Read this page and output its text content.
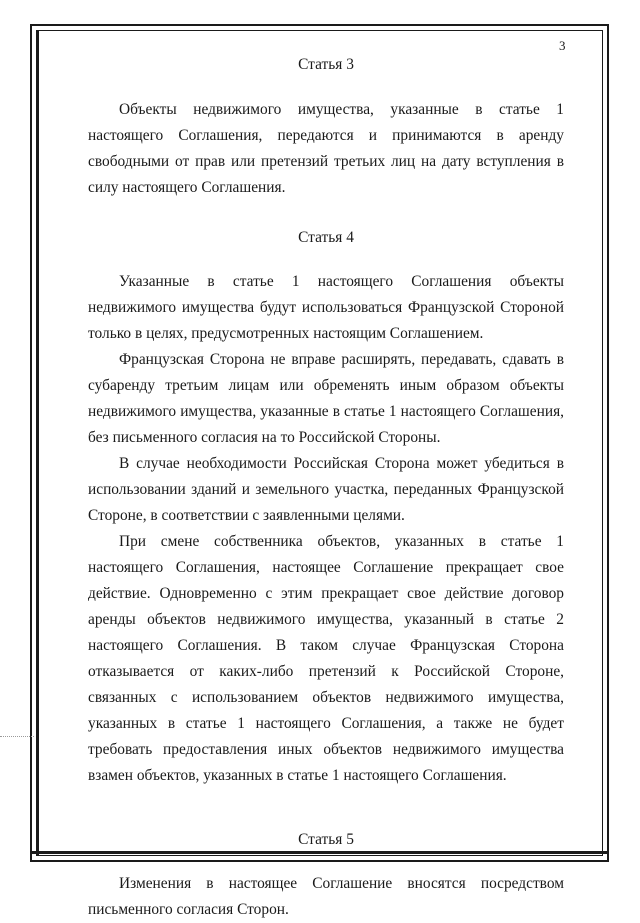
3

Статья 3

Объекты недвижимого имущества, указанные в статье 1 настоящего Соглашения, передаются и принимаются в аренду свободными от прав или претензий третьих лиц на дату вступления в силу настоящего Соглашения.

Статья 4

Указанные в статье 1 настоящего Соглашения объекты недвижимого имущества будут использоваться Французской Стороной только в целях, предусмотренных настоящим Соглашением.

Французская Сторона не вправе расширять, передавать, сдавать в субаренду третьим лицам или обременять иным образом объекты недвижимого имущества, указанные в статье 1 настоящего Соглашения, без письменного согласия на то Российской Стороны.

В случае необходимости Российская Сторона может убедиться в использовании зданий и земельного участка, переданных Французской Стороне, в соответствии с заявленными целями.

При смене собственника объектов, указанных в статье 1 настоящего Соглашения, настоящее Соглашение прекращает свое действие. Одновременно с этим прекращает свое действие договор аренды объектов недвижимого имущества, указанный в статье 2 настоящего Соглашения. В таком случае Французская Сторона отказывается от каких-либо претензий к Российской Стороне, связанных с использованием объектов недвижимого имущества, указанных в статье 1 настоящего Соглашения, а также не будет требовать предоставления иных объектов недвижимого имущества взамен объектов, указанных в статье 1 настоящего Соглашения.

Статья 5

Изменения в настоящее Соглашение вносятся посредством письменного согласия Сторон.
